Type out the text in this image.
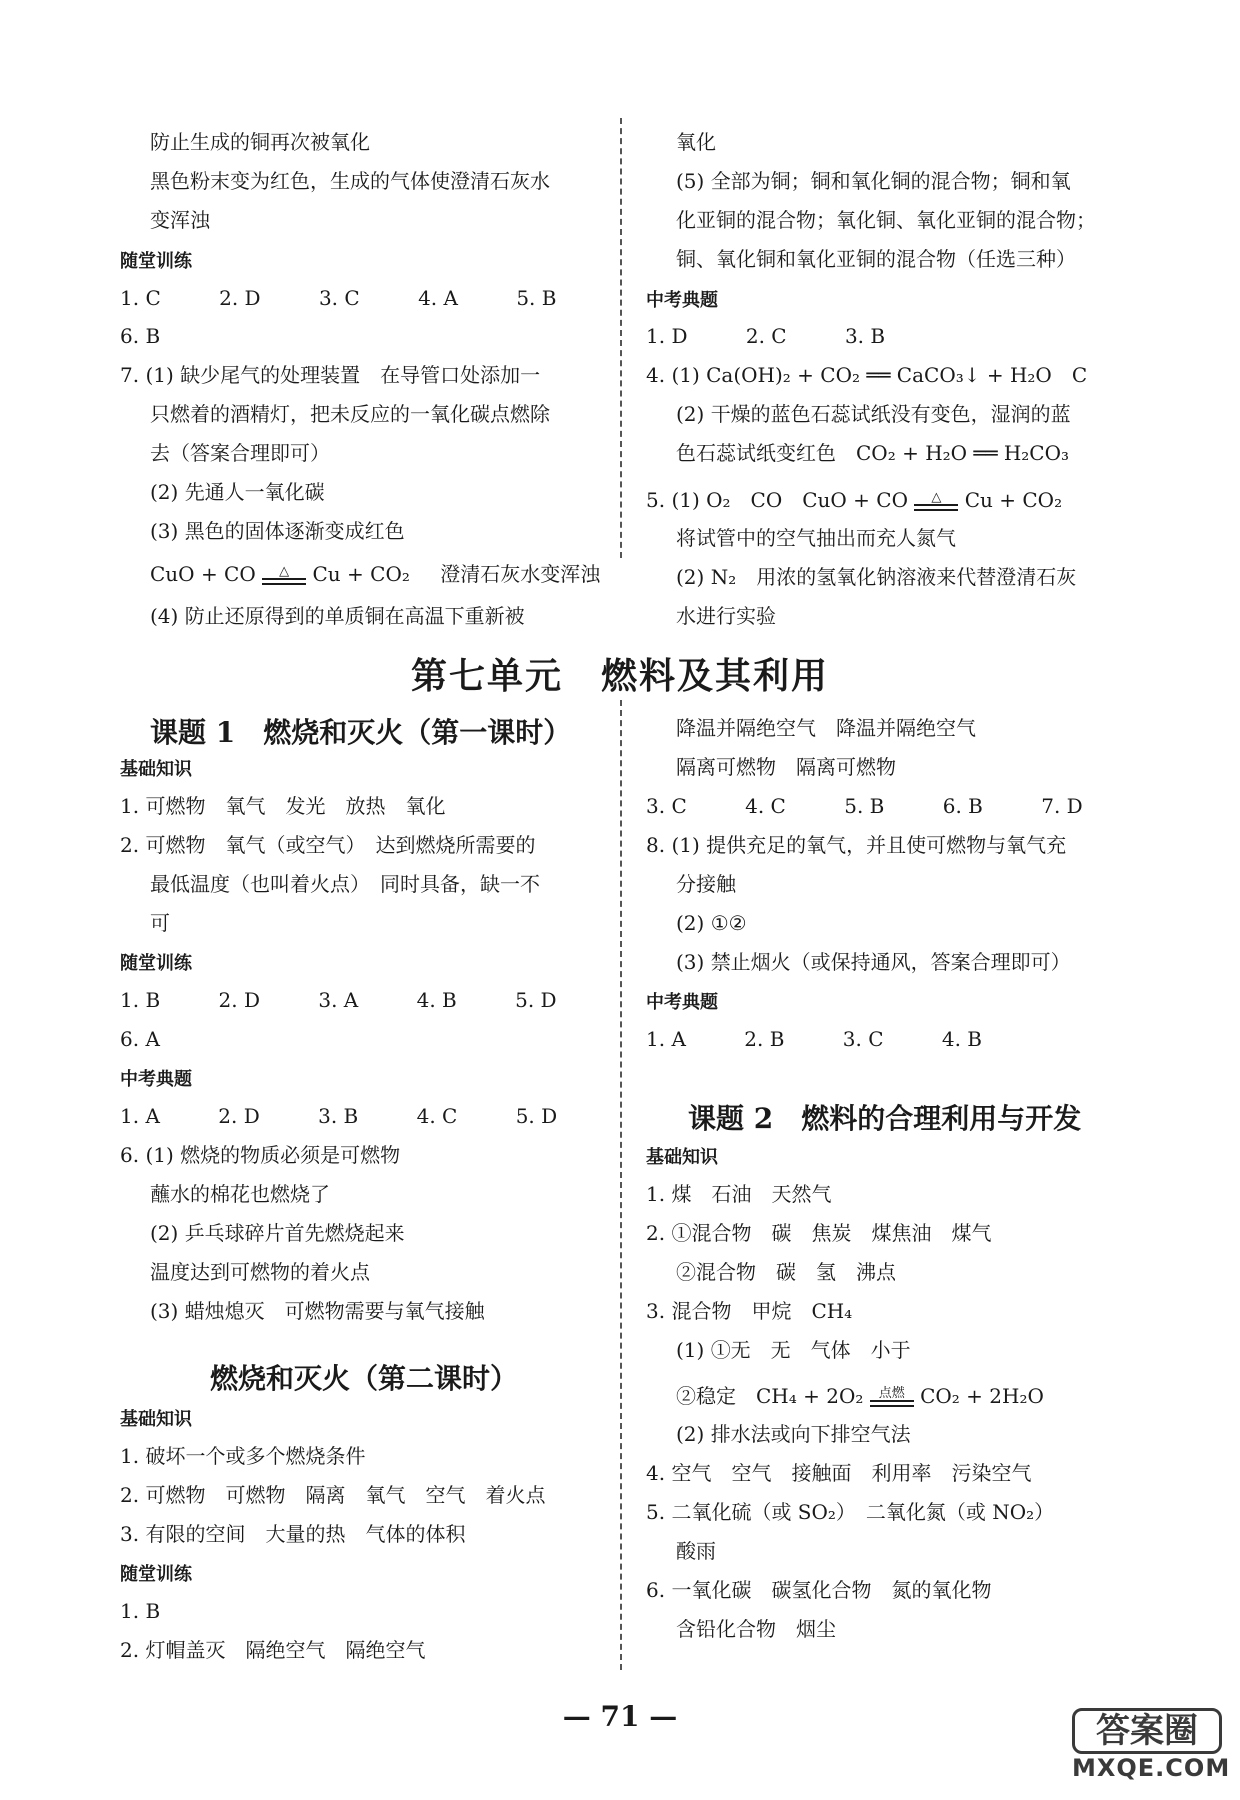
防止生成的铜再次被氧化
黑色粉末变为红色，生成的气体使澄清石灰水
变浑浊
随堂训练
1. C	2. D	3. C	4. A	5. B
6. B
7. (1) 缺少尾气的处理装置　在导管口处添加一
只燃着的酒精灯，把未反应的一氧化碳点燃除
去（答案合理即可）
(2) 先通人一氧化碳
(3) 黑色的固体逐渐变成红色
CuO + CO	△	Cu + CO₂ 澄清石灰水变浑浊
(4) 防止还原得到的单质铜在高温下重新被
氧化
(5) 全部为铜；铜和氧化铜的混合物；铜和氧
化亚铜的混合物；氧化铜、氧化亚铜的混合物；
铜、氧化铜和氧化亚铜的混合物（任选三种）
中考典题
1. D	2. C	3. B
4. (1) Ca(OH)₂ + CO₂ ══ CaCO₃↓ + H₂O　C
(2) 干燥的蓝色石蕊试纸没有变色，湿润的蓝
色石蕊试纸变红色　CO₂ + H₂O ══ H₂CO₃
5. (1) O₂　CO　CuO + CO	△	Cu + CO₂
将试管中的空气抽出而充人氮气
(2) N₂　用浓的氢氧化钠溶液来代替澄清石灰
水进行实验
第七单元　燃料及其利用
课题 1　燃烧和灭火（第一课时）
基础知识
1. 可燃物　氧气　发光　放热　氧化
2. 可燃物　氧气（或空气）　达到燃烧所需要的
最低温度（也叫着火点）　同时具备，缺一不
可
随堂训练
1. B	2. D	3. A	4. B	5. D
6. A
中考典题
1. A	2. D	3. B	4. C	5. D
6. (1) 燃烧的物质必须是可燃物
蘸水的棉花也燃烧了
(2) 乒乓球碎片首先燃烧起来
温度达到可燃物的着火点
(3) 蜡烛熄灭　可燃物需要与氧气接触
燃烧和灭火（第二课时）
基础知识
1. 破坏一个或多个燃烧条件
2. 可燃物　可燃物　隔离　氧气　空气　着火点
3. 有限的空间　大量的热　气体的体积
随堂训练
1. B
2. 灯帽盖灭　隔绝空气　隔绝空气
降温并隔绝空气　降温并隔绝空气
隔离可燃物　隔离可燃物
3. C	4. C	5. B	6. B	7. D
8. (1) 提供充足的氧气，并且使可燃物与氧气充
分接触
(2) ①②
(3) 禁止烟火（或保持通风，答案合理即可）
中考典题
1. A	2. B	3. C	4. B
课题 2　燃料的合理利用与开发
基础知识
1. 煤　石油　天然气
2. ①混合物　碳　焦炭　煤焦油　煤气
②混合物　碳　氢　沸点
3. 混合物　甲烷　CH₄
(1) ①无　无　气体　小于
②稳定　CH₄ + 2O₂	点燃 CO₂ + 2H₂O
(2) 排水法或向下排空气法
4. 空气　空气　接触面　利用率　污染空气
5. 二氧化硫（或 SO₂）　二氧化氮（或 NO₂）
酸雨
6. 一氧化碳　碳氢化合物　氮的氧化物
含铅化合物　烟尘
— 71 —	答案圈
MXQE.COM
